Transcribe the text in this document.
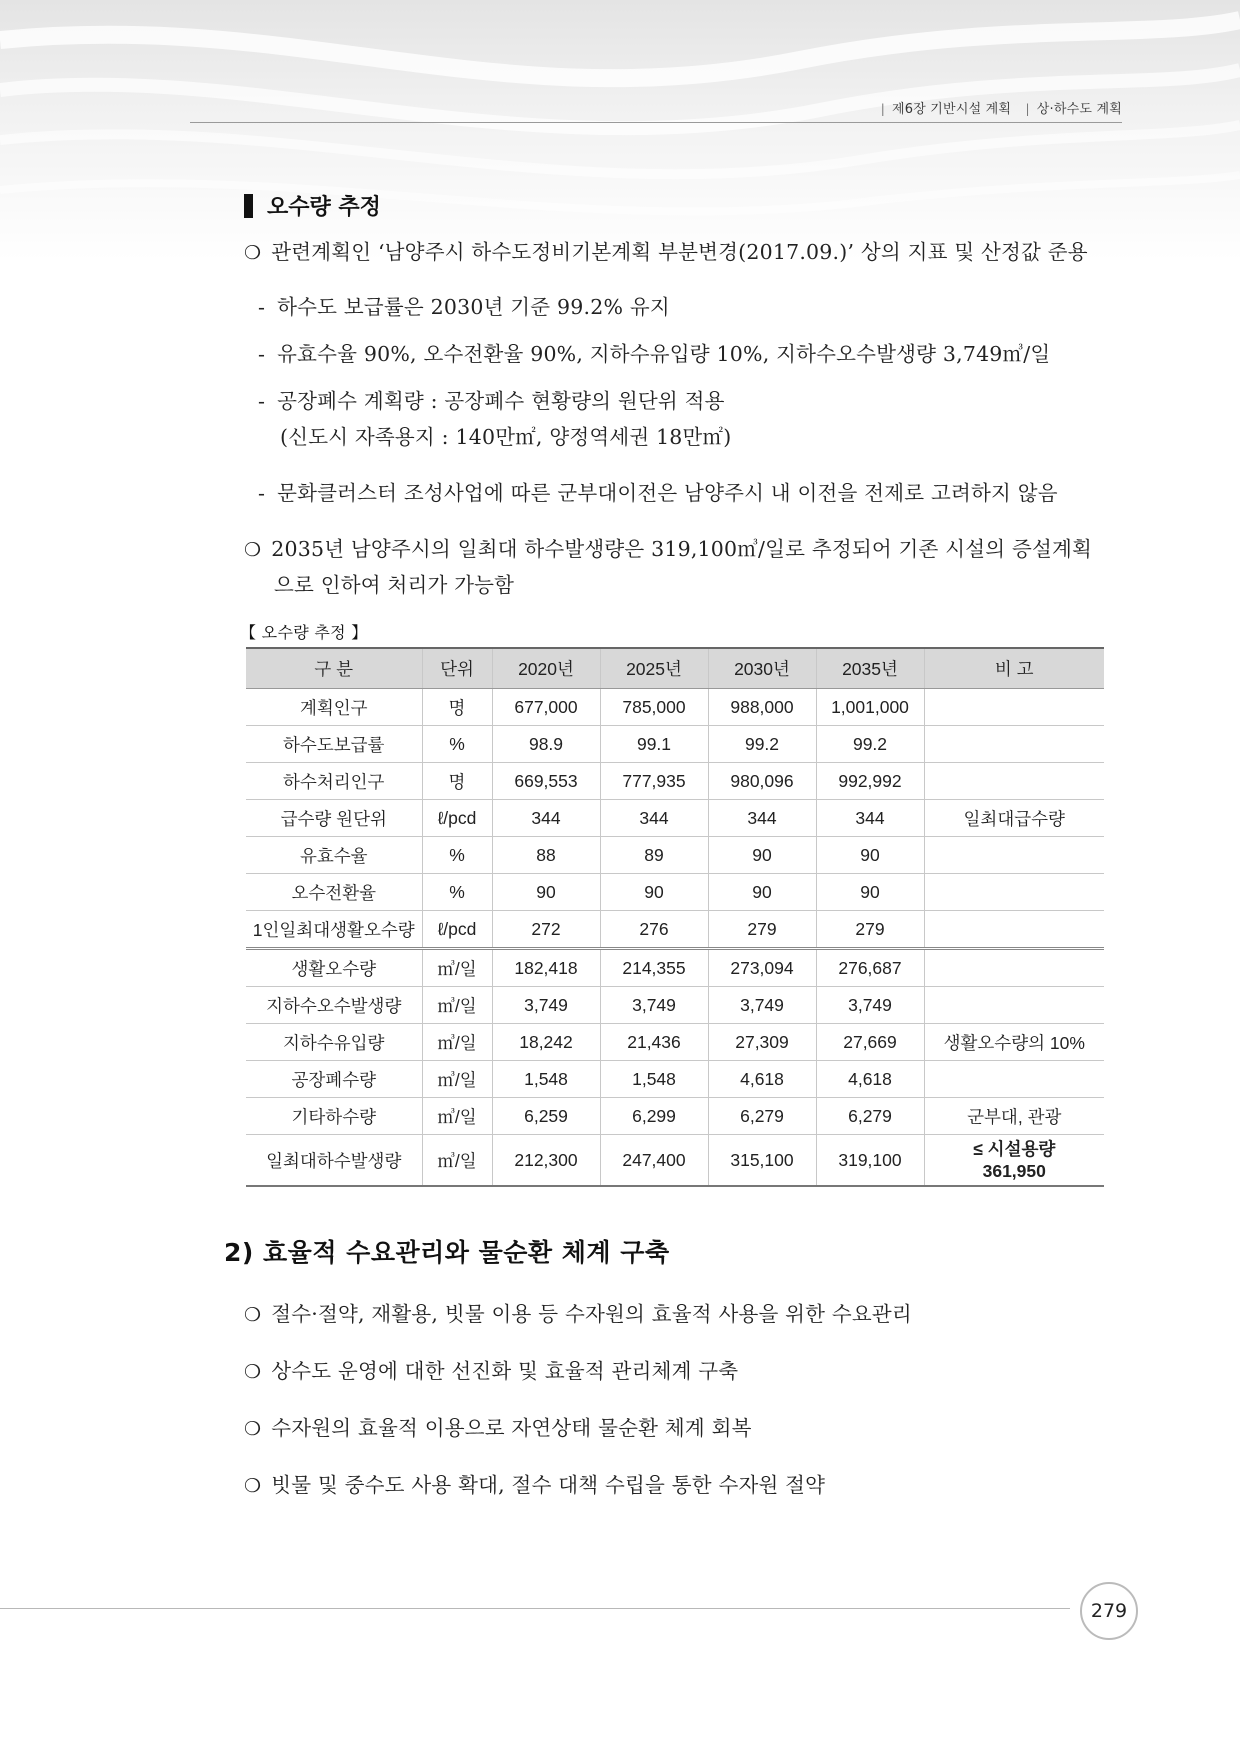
| 제6장 기반시설 계획 | 상·하수도 계획
오수량 추정
❍ 관련계획인 ‘남양주시 하수도정비기본계획 부분변경(2017.09.)’ 상의 지표 및 산정값 준용
- 하수도 보급률은 2030년 기준 99.2% 유지
- 유효수율 90%, 오수전환율 90%, 지하수유입량 10%, 지하수오수발생량 3,749㎥/일
- 공장폐수 계획량 : 공장폐수 현황량의 원단위 적용
(신도시 자족용지 : 140만㎡, 양정역세권 18만㎡)
- 문화클러스터 조성사업에 따른 군부대이전은 남양주시 내 이전을 전제로 고려하지 않음
❍ 2035년 남양주시의 일최대 하수발생량은 319,100㎥/일로 추정되어 기존 시설의 증설계획
으로 인하여 처리가 가능함
【 오수량 추정 】
구 분	단위	2020년	2025년	2030년	2035년	비 고
계획인구	명	677,000	785,000	988,000	1,001,000	
하수도보급률	%	98.9	99.1	99.2	99.2	
하수처리인구	명	669,553	777,935	980,096	992,992	
급수량 원단위	ℓ/pcd	344	344	344	344	일최대급수량
유효수율	%	88	89	90	90	
오수전환율	%	90	90	90	90	
1인일최대생활오수량	ℓ/pcd	272	276	279	279	
생활오수량	㎥/일	182,418	214,355	273,094	276,687	
지하수오수발생량	㎥/일	3,749	3,749	3,749	3,749	
지하수유입량	㎥/일	18,242	21,436	27,309	27,669	생활오수량의 10%
공장폐수량	㎥/일	1,548	1,548	4,618	4,618	
기타하수량	㎥/일	6,259	6,299	6,279	6,279	군부대, 관광
일최대하수발생량	㎥/일	212,300	247,400	315,100	319,100	≤ 시설용량
361,950
2) 효율적 수요관리와 물순환 체계 구축
❍ 절수·절약, 재활용, 빗물 이용 등 수자원의 효율적 사용을 위한 수요관리
❍ 상수도 운영에 대한 선진화 및 효율적 관리체계 구축
❍ 수자원의 효율적 이용으로 자연상태 물순환 체계 회복
❍ 빗물 및 중수도 사용 확대, 절수 대책 수립을 통한 수자원 절약
279
